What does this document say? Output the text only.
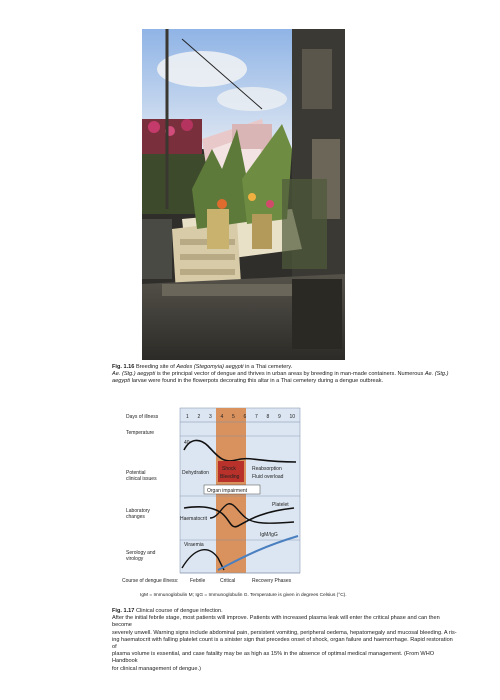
Fig. 1.16 Breeding site of Aedes (Stegomyia) aegypti in a Thai cemetery.
Ae. (Stg.) aegypti is the principal vector of dengue and thrives in urban areas by breeding in man-made containers. Numerous Ae. (Stg.)
aegypti larvae were found in the flowerpots decorating this altar in a Thai cemetery during a dengue outbreak.
Days of illness	1 2 3 4 5 6 7 8 9 10
Temperature
40
Potential
clinical issues
Dehydration
Shock
Bleeding
Reabsorption
Fluid overload
Organ impairment
Laboratory
changes
Platelet
Haematocrit
Serology and
virology
Viraemia
IgM/IgG
Course of dengue illness: Febrile	Critical	Recovery Phases
IgM = Immunoglobulin M; IgG = Immunoglobulin G. Temperature is given in degrees Celsius (°C).
Fig. 1.17 Clinical course of dengue infection.
After the initial febrile stage, most patients will improve. Patients with increased plasma leak will enter the critical phase and can then become
severely unwell. Warning signs include abdominal pain, persistent vomiting, peripheral oedema, hepatomegaly and mucosal bleeding. A ris-
ing haematocrit with falling platelet count is a sinister sign that precedes onset of shock, organ failure and haemorrhage. Rapid restoration of
plasma volume is essential, and case fatality may be as high as 15% in the absence of optimal medical management. (From WHO Handbook
for clinical management of dengue.)
